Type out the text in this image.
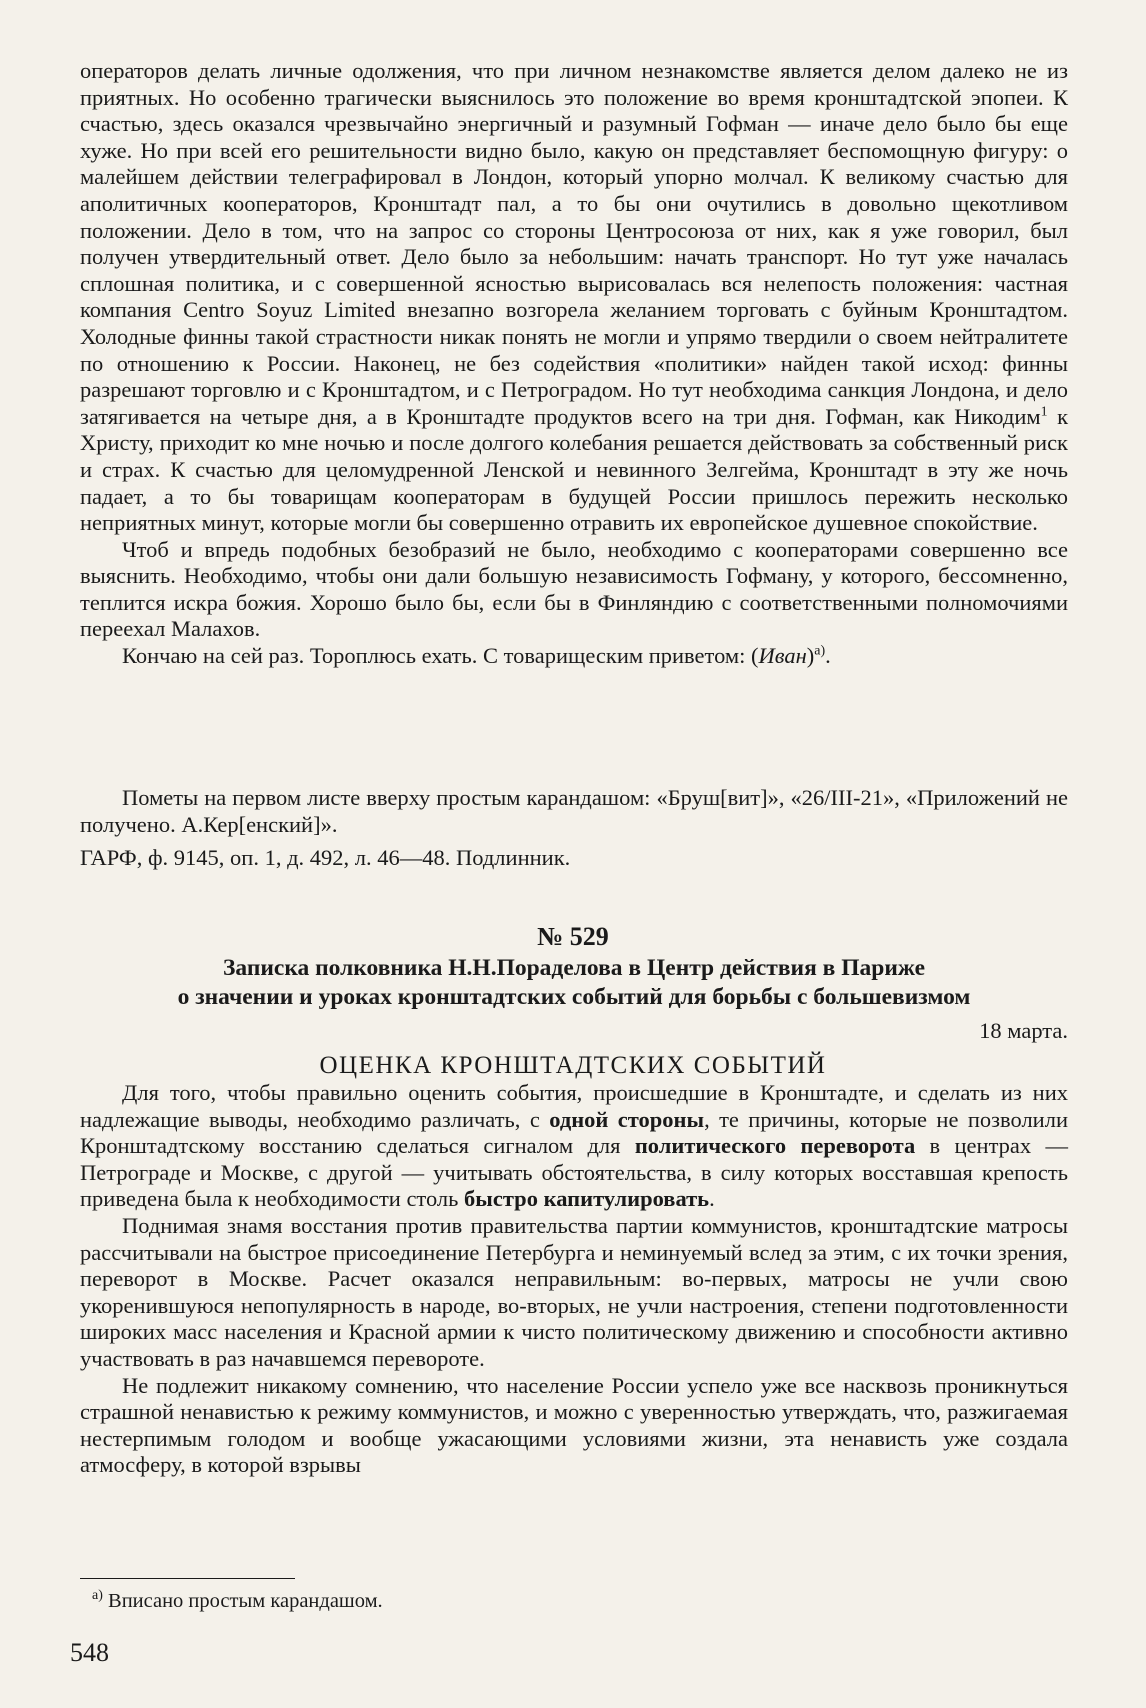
операторов делать личные одолжения, что при личном незнакомстве является делом далеко не из приятных. Но особенно трагически выяснилось это положение во время кронштадтской эпопеи. К счастью, здесь оказался чрезвычайно энергичный и разумный Гофман — иначе дело было бы еще хуже. Но при всей его решительности видно было, какую он представляет беспомощную фигуру: о малейшем действии телеграфировал в Лондон, который упорно молчал. К великому счастью для аполитичных кооператоров, Кронштадт пал, а то бы они очутились в довольно щекотливом положении. Дело в том, что на запрос со стороны Центросоюза от них, как я уже говорил, был получен утвердительный ответ. Дело было за небольшим: начать транспорт. Но тут уже началась сплошная политика, и с совершенной ясностью вырисовалась вся нелепость положения: частная компания Centro Soyuz Limited внезапно возгорела желанием торговать с буйным Кронштадтом. Холодные финны такой страстности никак понять не могли и упрямо твердили о своем нейтралитете по отношению к России. Наконец, не без содействия «политики» найден такой исход: финны разрешают торговлю и с Кронштадтом, и с Петроградом. Но тут необходима санкция Лондона, и дело затягивается на четыре дня, а в Кронштадте продуктов всего на три дня. Гофман, как Никодим$^1$ к Христу, приходит ко мне ночью и после долгого колебания решается действовать за собственный риск и страх. К счастью для целомудренной Ленской и невинного Зелгейма, Кронштадт в эту же ночь падает, а то бы товарищам кооператорам в будущей России пришлось пережить несколько неприятных минут, которые могли бы совершенно отравить их европейское душевное спокойствие.

Чтоб и впредь подобных безобразий не было, необходимо с кооператорами совершенно все выяснить. Необходимо, чтобы они дали большую независимость Гофману, у которого, бессомненно, теплится искра божия. Хорошо было бы, если бы в Финляндию с соответственными полномочиями переехал Малахов.

Кончаю на сей раз. Тороплюсь ехать. С товарищеским приветом: (Иван)$^{а)}$.

Пометы на первом листе вверху простым карандашом: «Бруш[вит]», «26/III-21», «Приложений не получено. А.Кер[енский]».

ГАРФ, ф. 9145, оп. 1, д. 492, л. 46—48. Подлинник.

№ 529
Записка полковника Н.Н.Пораделова в Центр действия в Париже
о значении и уроках кронштадтских событий для борьбы с большевизмом
18 марта.
ОЦЕНКА КРОНШТАДТСКИХ СОБЫТИЙ

Для того, чтобы правильно оценить события, происшедшие в Кронштадте, и сделать из них надлежащие выводы, необходимо различать, с одной стороны, те причины, которые не позволили Кронштадтскому восстанию сделаться сигналом для политического переворота в центрах — Петрограде и Москве, с другой — учитывать обстоятельства, в силу которых восставшая крепость приведена была к необходимости столь быстро капитулировать.

Поднимая знамя восстания против правительства партии коммунистов, кронштадтские матросы рассчитывали на быстрое присоединение Петербурга и неминуемый вслед за этим, с их точки зрения, переворот в Москве. Расчет оказался неправильным: во-первых, матросы не учли свою укоренившуюся непопулярность в народе, во-вторых, не учли настроения, степени подготовленности широких масс населения и Красной армии к чисто политическому движению и способности активно участвовать в раз начавшемся перевороте.

Не подлежит никакому сомнению, что население России успело уже все насквозь проникнуться страшной ненавистью к режиму коммунистов, и можно с уверенностью утверждать, что, разжигаемая нестерпимым голодом и вообще ужасающими условиями жизни, эта ненависть уже создала атмосферу, в которой взрывы

$^{а)}$ Вписано простым карандашом.
548
